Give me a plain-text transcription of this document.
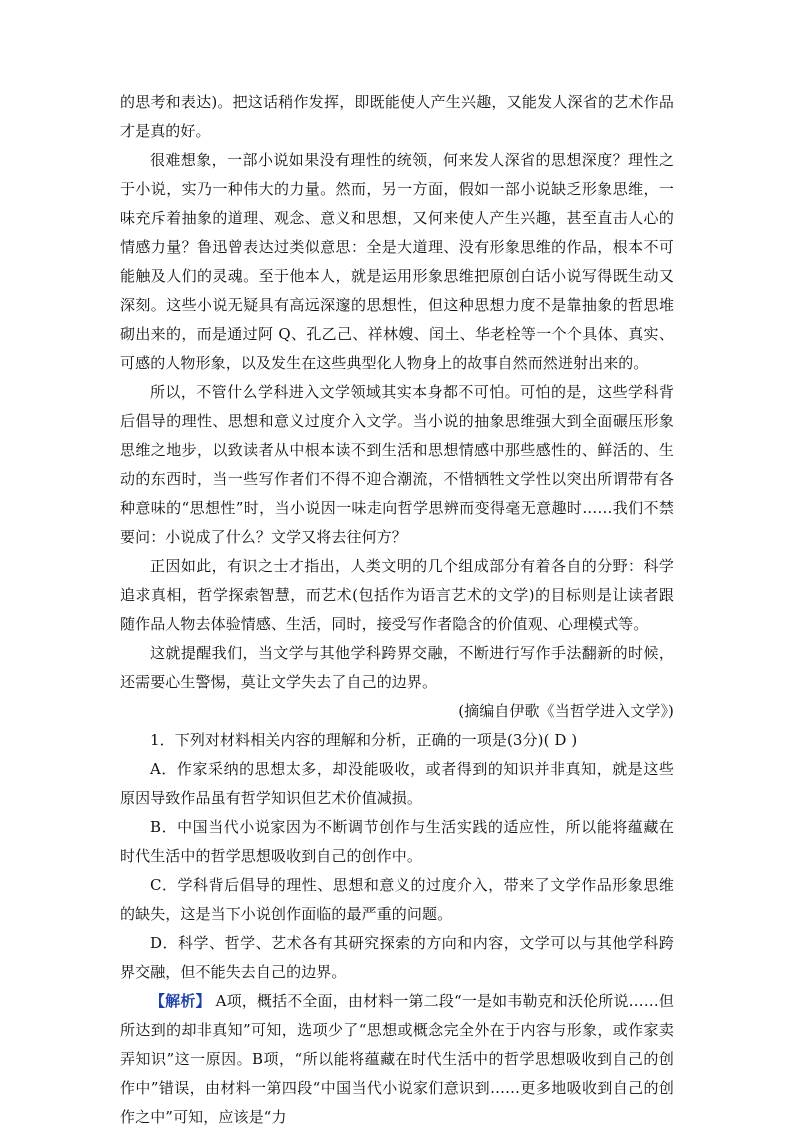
的思考和表达)。把这话稍作发挥，即既能使人产生兴趣，又能发人深省的艺术作品才是真的好。

很难想象，一部小说如果没有理性的统领，何来发人深省的思想深度？理性之于小说，实乃一种伟大的力量。然而，另一方面，假如一部小说缺乏形象思维，一味充斥着抽象的道理、观念、意义和思想，又何来使人产生兴趣，甚至直击人心的情感力量？鲁迅曾表达过类似意思：全是大道理、没有形象思维的作品，根本不可能触及人们的灵魂。至于他本人，就是运用形象思维把原创白话小说写得既生动又深刻。这些小说无疑具有高远深邃的思想性，但这种思想力度不是靠抽象的哲思堆砌出来的，而是通过阿 Q、孔乙己、祥林嫂、闰土、华老栓等一个个具体、真实、可感的人物形象，以及发生在这些典型化人物身上的故事自然而然迸射出来的。

所以，不管什么学科进入文学领域其实本身都不可怕。可怕的是，这些学科背后倡导的理性、思想和意义过度介入文学。当小说的抽象思维强大到全面碾压形象思维之地步，以致读者从中根本读不到生活和思想情感中那些感性的、鲜活的、生动的东西时，当一些写作者们不得不迎合潮流，不惜牺牲文学性以突出所谓带有各种意味的“思想性”时，当小说因一味走向哲学思辨而变得毫无意趣时……我们不禁要问：小说成了什么？文学又将去往何方？

正因如此，有识之士才指出，人类文明的几个组成部分有着各自的分野：科学追求真相，哲学探索智慧，而艺术(包括作为语言艺术的文学)的目标则是让读者跟随作品人物去体验情感、生活，同时，接受写作者隐含的价值观、心理模式等。

这就提醒我们，当文学与其他学科跨界交融，不断进行写作手法翻新的时候，还需要心生警惕，莫让文学失去了自己的边界。

(摘编自伊歌《当哲学进入文学》)

1．下列对材料相关内容的理解和分析，正确的一项是(3分)( D )

A．作家采纳的思想太多，却没能吸收，或者得到的知识并非真知，就是这些原因导致作品虽有哲学知识但艺术价值减损。

B．中国当代小说家因为不断调节创作与生活实践的适应性，所以能将蕴藏在时代生活中的哲学思想吸收到自己的创作中。

C．学科背后倡导的理性、思想和意义的过度介入，带来了文学作品形象思维的缺失，这是当下小说创作面临的最严重的问题。

D．科学、哲学、艺术各有其研究探索的方向和内容，文学可以与其他学科跨界交融，但不能失去自己的边界。

【解析】 A项，概括不全面，由材料一第二段“一是如韦勒克和沃伦所说……但所达到的却非真知”可知，选项少了“思想或概念完全外在于内容与形象，或作家卖弄知识”这一原因。B项，“所以能将蕴藏在时代生活中的哲学思想吸收到自己的创作中”错误，由材料一第四段“中国当代小说家们意识到……更多地吸收到自己的创作之中”可知，应该是“力
